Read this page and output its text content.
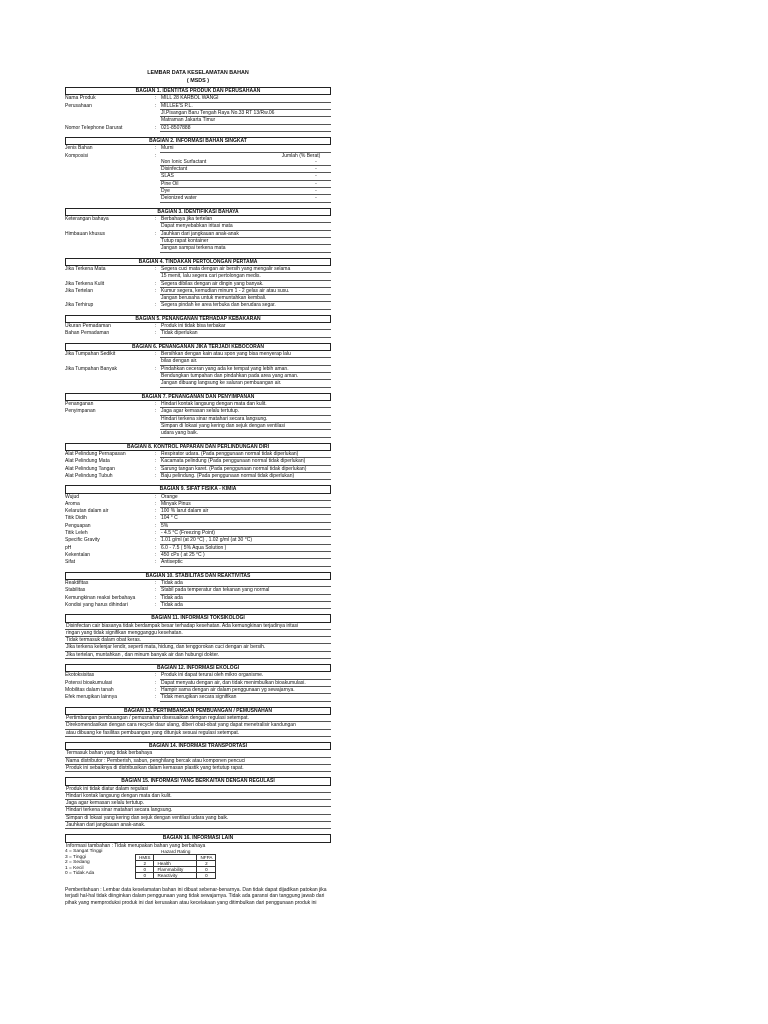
LEMBAR DATA KESELAMATAN BAHAN
( MSDS )
BAGIAN 1. IDENTITAS PRODUK DAN PERUSAHAAN
Nama Produk	: MILL 28 KARBOL WANGI
Perusahaan	: MILLEE'S P.L.
Jl.Pisangan Baru Tengah Raya No.33 RT 13/Rw.06
Matraman Jakarta Timur
Nomor Telephone Darurat	: 021-8507888
BAGIAN 2. INFORMASI BAHAN SINGKAT
Jenis Bahan	: Murni
Komposisi	:	Jumlah (% Berat)
Non Ionic Surfactant	-
Disinfectant	-
SLAS	-
Pine Oil	-
Dye	-
Deionized water	-
BAGIAN 3. IDENTIFIKASI BAHAYA
Keterangan bahaya	: Berbahaya jika tertelan
Dapat menyebabkan iritasi mata
Himbauan khusus	: Jauhkan dari jangkauan anak-anak
Tutup rapat kontainer
Jangan sampai terkena mata
BAGIAN 4. TINDAKAN PERTOLONGAN PERTAMA
Jika Terkena Mata	: Segera cuci mata dengan air bersih yang mengalir selama
15 menit, lalu segera cari pertolongan medis.
Jika Terkena Kulit	: Segera dibilas dengan air dingin yang banyak.
Jika Tertelan	: Kumur segera, kemudian minum 1 - 2 gelas air atau susu.
Jangan berusaha untuk memuntahkan kembali.
Jika Terhirup	: Segera pindah ke area terbuka dan berudara segar.
BAGIAN 5. PENANGANAN TERHADAP KEBAKARAN
Ukuran Pemadaman	: Produk ini tidak bisa terbakar
Bahan Pemadaman	: Tidak diperlukan
BAGIAN 6. PENANGANAN JIKA TERJADI KEBOCORAN
Jika Tumpahan Sedikit	: Bersihkan dengan kain atau spon yang bisa menyerap lalu
bilas dengan air.
Jika Tumpahan Banyak	: Pindahkan ceceran yang ada ke tempat yang lebih aman.
Bendungkan tumpahan dan pindahkan pada area yang aman.
Jangan dibuang langsung ke saluran pembuangan air.
BAGIAN 7. PENANGANAN DAN PENYIMPANAN
Penanganan	: Hindari kontak langsung dengan mata dan kulit.
Penyimpanan	: Jaga agar kemasan selalu tertutup.
Hindari terkena sinar matahari secara langsung.
Simpan di lokasi yang kering dan sejuk dengan ventilasi
udara yang baik.
BAGIAN 8. KONTROL PAPARAN DAN PERLINDUNGAN DIRI
Alat Pelindung Pernapasan	: Respirator udara. (Pada penggunaan normal tidak diperlukan)
Alat Pelindung Mata	: Kacamata pelindung (Pada penggunaan normal tidak diperlukan)
Alat Pelindung Tangan	: Sarung tangan karet. (Pada penggunaan normal tidak diperlukan)
Alat Pelindung Tubuh	: Baju pelindung. (Pada penggunaan normal tidak diperlukan)
BAGIAN 9. SIFAT FISIKA - KIMIA
Wujud	: Orange
Aroma	: Minyak Pinus
Kelarutan dalam air	: 100 % larut dalam air
Titik Didih	: 104 ° C
Penguapan	: 5%
Titik Leleh	: - 4.5 °C (Freezing Point)
Specific Gravity	: 1.01 g/ml (at 20 °C) , 1.02 g/ml (at 30 °C)
pH	: 6.0 - 7.5 ( 5% Aqua Solution )
Kekentalan	: 450 cPs ( at 25 °C )
Sifat	: Antiseptic
BAGIAN 10. STABILITAS DAN REAKTIVITAS
Reaktifitas	: Tidak ada
Stabilitas	: Stabil pada temperatur dan tekanan yang normal
Kemungkinan reaksi berbahaya	: Tidak ada
Kondisi yang harus dihindari	: Tidak ada
BAGIAN 11. INFORMASI TOKSIKOLOGI
Disinfectan cair biasanya tidak berdampak besar terhadap kesehatan. Ada kemungkinan terjadinya iritasi
ringan yang tidak signifikan mengganggu kesehatan.
Tidak termasuk dalam obat keras.
Jika terkena kelenjar lendir, seperti mata, hidung, dan tenggorokan cuci dengan air bersih.
Jika tertelan, muntahkan , dan minum banyak air dan hubungi dokter.
BAGIAN 12. INFORMASI EKOLOGI
Ekotoksisitas	: Produk ini dapat terurai oleh mikro organisme.
Potensi bioakumulasi	: Dapat menyatu dengan air, dan tidak menimbulkan bioakumulasi.
Mobilitas dalam tanah	: Hampir sama dengan air dalam penggunaan yg sewajarnya.
Efek merugikan lainnya	: Tidak merugikan secara signifikan
BAGIAN 13. PERTIMBANGAN PEMBUANGAN / PEMUSNAHAN
Pertimbangan pembuangan / pemusnahan disesuaikan dengan regulasi setempat.
Direkomendasikan dengan cara recycle daur ulang, diberi obat-obat yang dapat menetralisir kandungan
atau dibuang ke fasilitas pembuangan yang ditunjuk sesuai regulasi setempat.
BAGIAN 14. INFORMASI TRANSPORTASI
Termasuk bahan yang tidak berbahaya
Nama distributor : Pemberish, sabun, penghilang bercak atau komponen pencuci
Produk ini sebaiknya di distribusikan dalam kemasan plastik yang tertutup rapat.
BAGIAN 15. INFORMASI YANG BERKAITAN DENGAN REGULASI
Produk ini tidak diatur dalam regulasi
Hindari kontak langsung dengan mata dan kulit.
Jaga agar kemasan selalu tertutup.
Hindari terkena sinar matahari secara langsung.
Simpan di lokasi yang kering dan sejuk dengan ventilasi udara yang baik.
Jauhkan dari jangkauan anak-anak.
BAGIAN 16. INFORMASI LAIN
Informasi tambahan : Tidak merupakan bahan yang berbahaya
4 = Sangat Tinggi
3 = Tinggi
2 = Sedang
1 = Kecil
0 = Tidak Ada
Hazard Rating		
HMIS		NFPA
2	Health	2
0	Flammability	0
0	Reactivity	0
Pemberitahuan : Lembar data keselamatan bahan ini dibuat sebenar-benarnya. Dan tidak dapat dijadikan patokan jika terjadi hal-hal tidak diinginkan dalam penggunaan yang tidak sewajarnya. Tidak ada garansi dan tanggung jawab dari pihak yang memproduksi produk ini dari kerusakan atau kecelakaan yang ditimbulkan dari penggunaan produk ini
